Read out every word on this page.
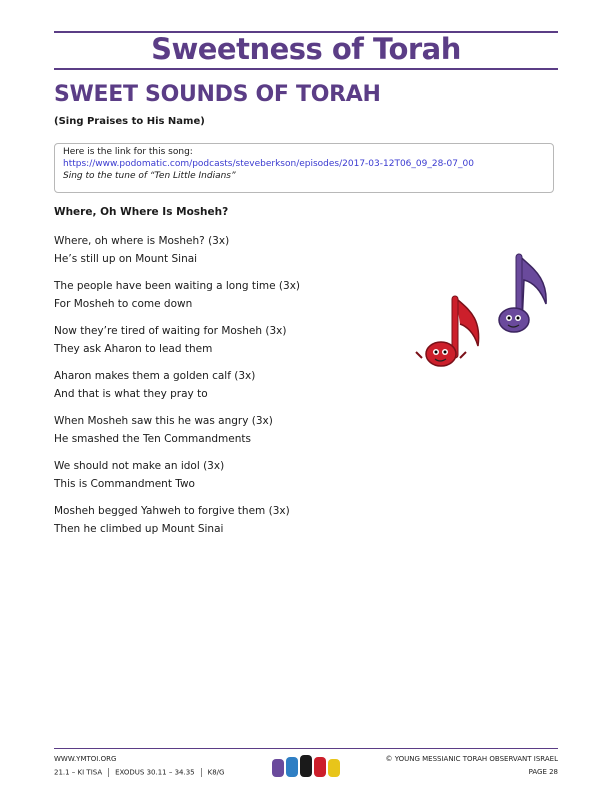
Sweetness of Torah
SWEET SOUNDS OF TORAH
(Sing Praises to His Name)
Here is the link for this song:
https://www.podomatic.com/podcasts/steveberkson/episodes/2017-03-12T06_09_28-07_00
Sing to the tune of “Ten Little Indians”
Where, Oh Where Is Mosheh?
Where, oh where is Mosheh? (3x)
He’s still up on Mount Sinai
The people have been waiting a long time (3x)
For Mosheh to come down
Now they’re tired of waiting for Mosheh (3x)
They ask Aharon to lead them
Aharon makes them a golden calf (3x)
And that is what they pray to
When Mosheh saw this he was angry (3x)
He smashed the Ten Commandments
We should not make an idol (3x)
This is Commandment Two
Mosheh begged Yahweh to forgive them (3x)
Then he climbed up Mount Sinai
WWW.YMTOI.ORG	© YOUNG MESSIANIC TORAH OBSERVANT ISRAEL
21.1 – KI TISA EXODUS 30.11 – 34.35 K8/G	PAGE 28
